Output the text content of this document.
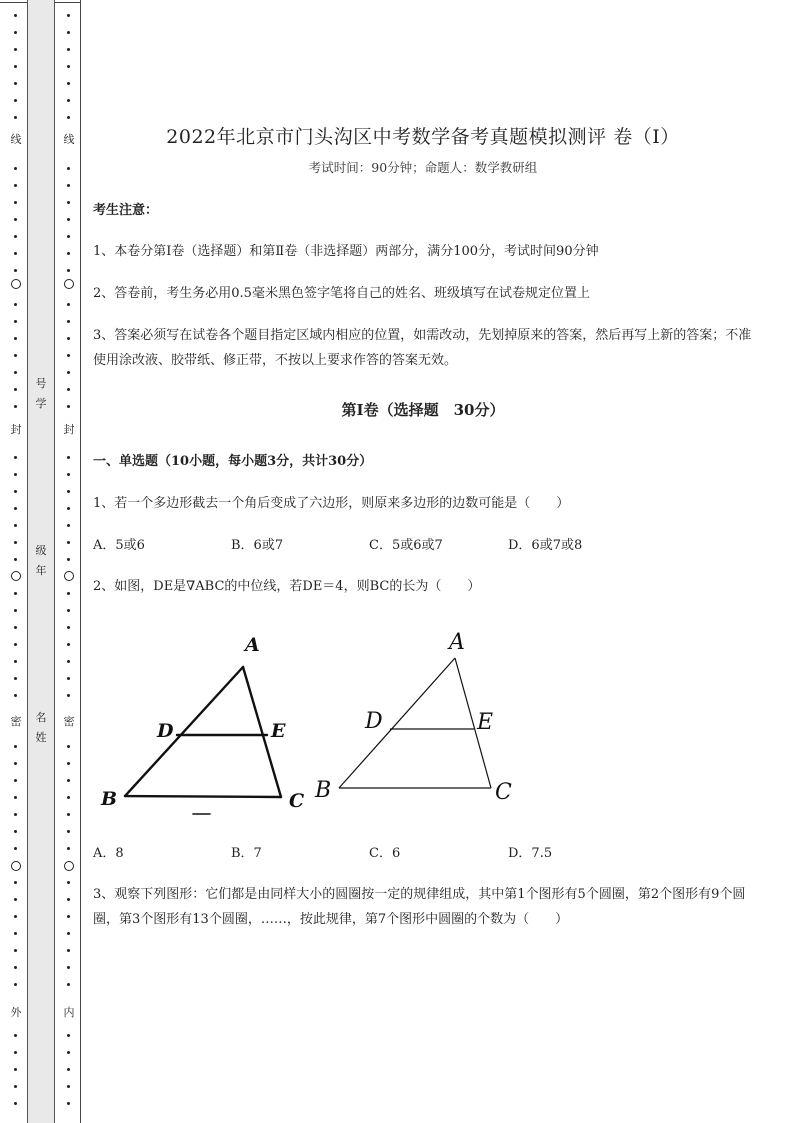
线
封
密
外
号
学
级
年
名
姓
线
封
密
内
2022年北京市门头沟区中考数学备考真题模拟测评 卷（Ⅰ）
考试时间：90分钟；命题人：数学教研组
考生注意：
1、本卷分第I卷（选择题）和第Ⅱ卷（非选择题）两部分，满分100分，考试时间90分钟
2、答卷前，考生务必用0.5毫米黑色签字笔将自己的姓名、班级填写在试卷规定位置上
3、答案必须写在试卷各个题目指定区域内相应的位置，如需改动，先划掉原来的答案，然后再写上新的答案；不准使用涂改液、胶带纸、修正带，不按以上要求作答的答案无效。
第I卷（选择题　30分）
一、单选题（10小题，每小题3分，共计30分）
1、若一个多边形截去一个角后变成了六边形，则原来多边形的边数可能是（　　）
A．5或6	B．6或7	C．5或6或7	D．6或7或8
2、如图，DE是∇ABC的中位线，若DE＝4，则BC的长为（　　）
A
D	E
B	C
A
D	E
B	C
A．8	B．7	C．6	D．7.5
3、观察下列图形：它们都是由同样大小的圆圈按一定的规律组成，其中第1个图形有5个圆圈，第2个图形有9个圆圈，第3个图形有13个圆圈，……，按此规律，第7个图形中圆圈的个数为（　　）
